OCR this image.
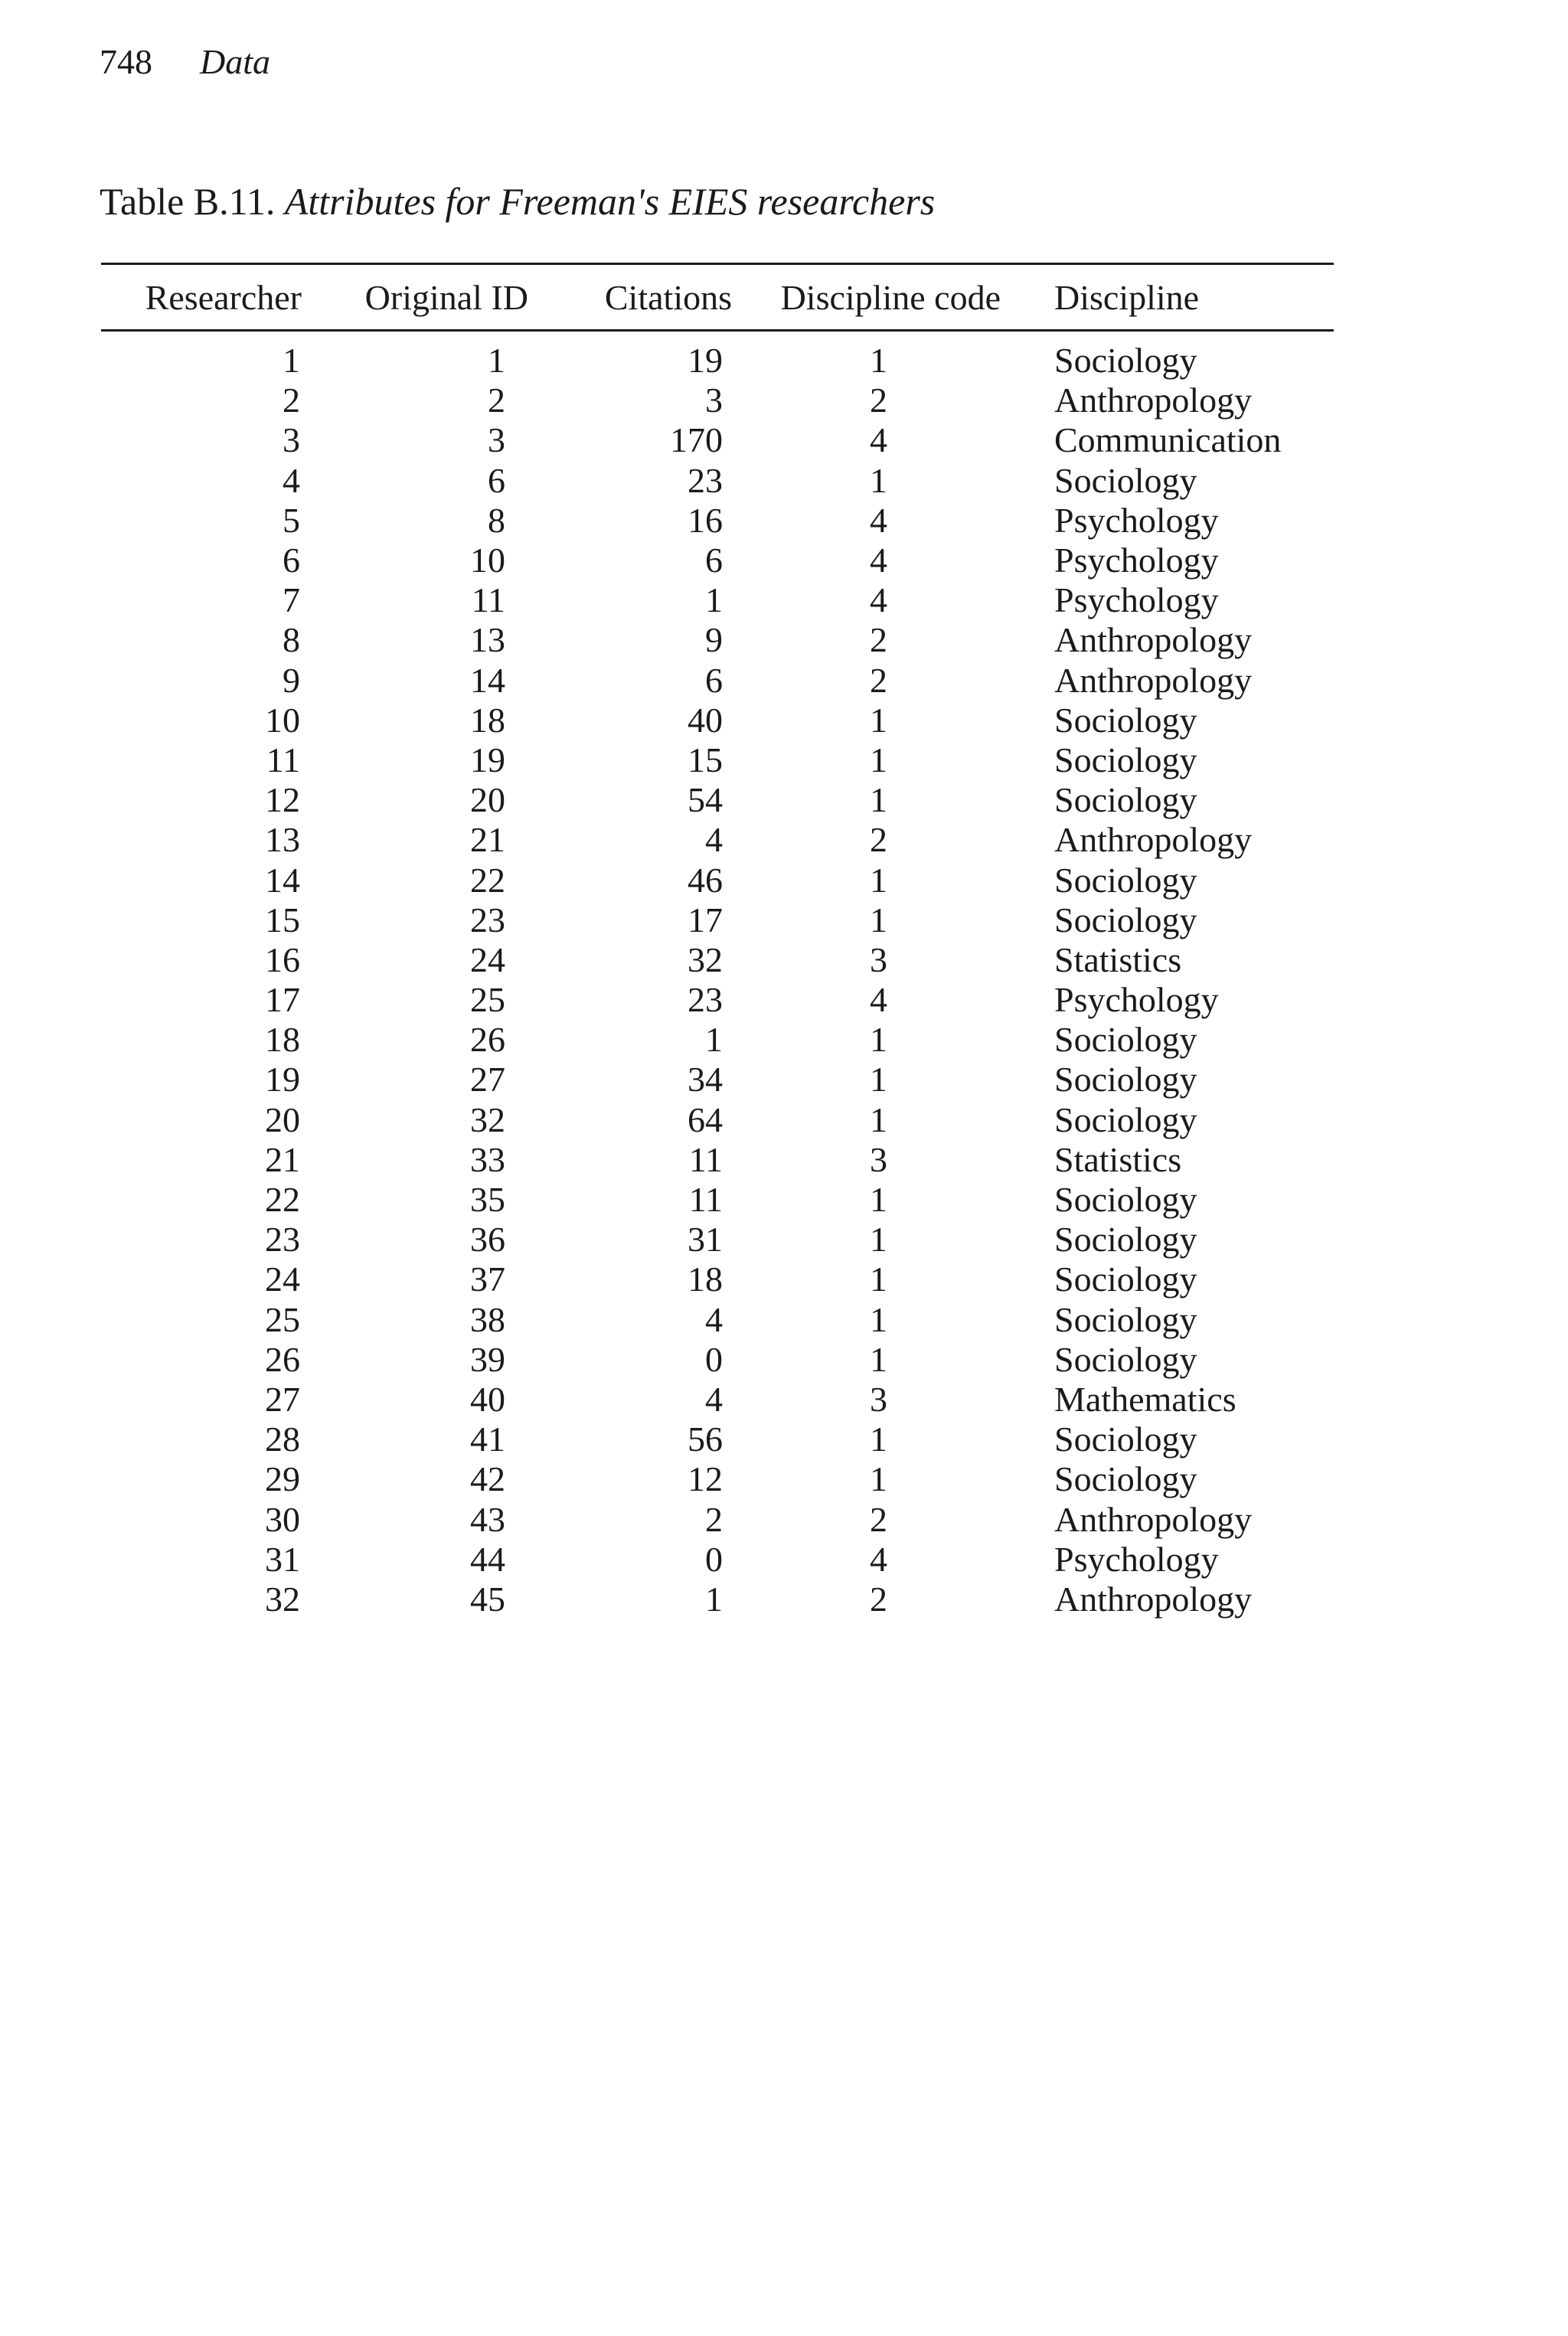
748 Data
Table B.11. Attributes for Freeman's EIES researchers
Researcher	Original ID	Citations	Discipline code	Discipline
1	1	19	1	Sociology
2	2	3	2	Anthropology
3	3	170	4	Communication
4	6	23	1	Sociology
5	8	16	4	Psychology
6	10	6	4	Psychology
7	11	1	4	Psychology
8	13	9	2	Anthropology
9	14	6	2	Anthropology
10	18	40	1	Sociology
11	19	15	1	Sociology
12	20	54	1	Sociology
13	21	4	2	Anthropology
14	22	46	1	Sociology
15	23	17	1	Sociology
16	24	32	3	Statistics
17	25	23	4	Psychology
18	26	1	1	Sociology
19	27	34	1	Sociology
20	32	64	1	Sociology
21	33	11	3	Statistics
22	35	11	1	Sociology
23	36	31	1	Sociology
24	37	18	1	Sociology
25	38	4	1	Sociology
26	39	0	1	Sociology
27	40	4	3	Mathematics
28	41	56	1	Sociology
29	42	12	1	Sociology
30	43	2	2	Anthropology
31	44	0	4	Psychology
32	45	1	2	Anthropology
